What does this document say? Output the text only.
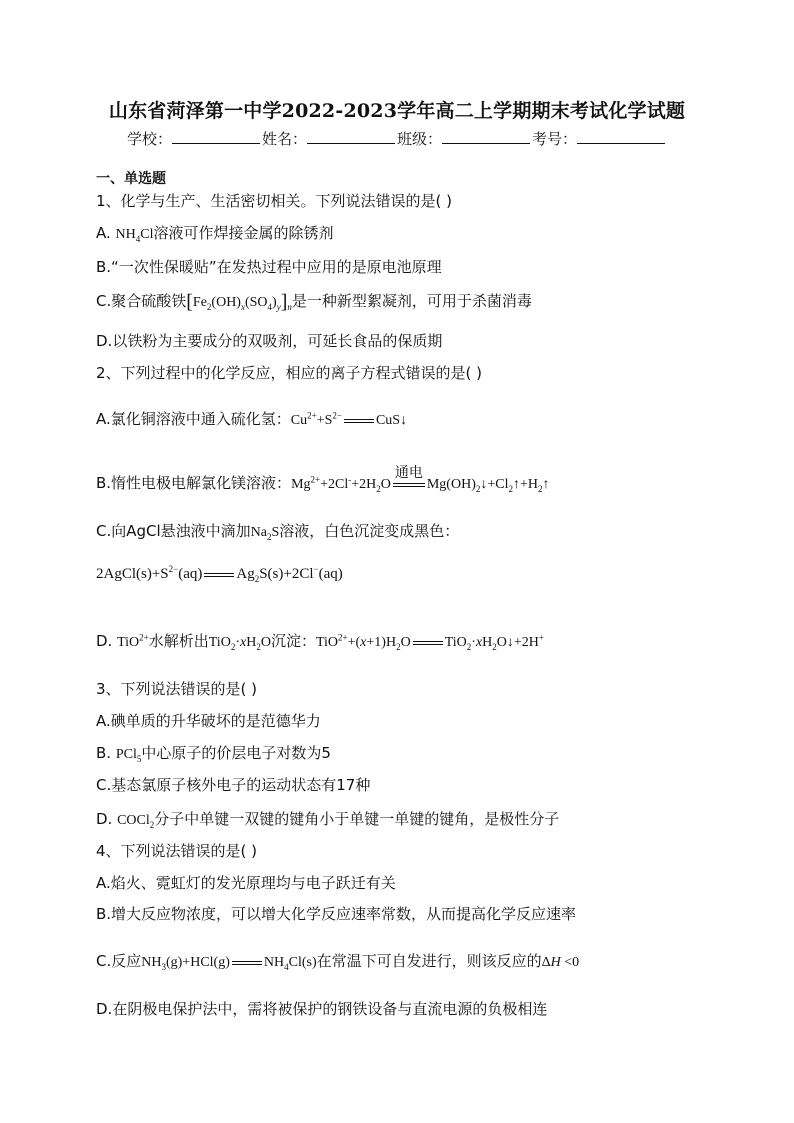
山东省菏泽第一中学2022-2023学年高二上学期期末考试化学试题
学校：	姓名：	班级：	考号：
一、单选题
1、化学与生产、生活密切相关。下列说法错误的是( )
A. $NH_4Cl$溶液可作焊接金属的除锈剂
B.“一次性保暖贴”在发热过程中应用的是原电池原理
C.聚合硫酸铁$[Fe_2(OH)_x(SO_4)_y]_n$是一种新型絮凝剂，可用于杀菌消毒
D.以铁粉为主要成分的双吸剂，可延长食品的保质期
2、下列过程中的化学反应，相应的离子方程式错误的是( )
A.氯化铜溶液中通入硫化氢：$Cu^{2+}+S^{2-}$ CuS↓
B.惰性电极电解氯化镁溶液：$Mg^{2+}+2Cl^-+2H_2O$
通电
$Mg(OH)_2↓+Cl_2↑+H_2↑$
C.向AgCl悬浊液中滴加$Na_2S$溶液，白色沉淀变成黑色：
$2AgCl(s)+S^{2-}(aq)$ $Ag_2S(s)+2Cl^-(aq)$
D. TiO$^{2+}$水解析出$TiO_2\cdot xH_2O$沉淀：$TiO^{2+}+(x+1)H_2O$ $TiO_2\cdot xH_2O↓+2H^+$
3、下列说法错误的是( )
A.碘单质的升华破坏的是范德华力
B. PCl$_5$中心原子的价层电子对数为5
C.基态氯原子核外电子的运动状态有17种
D. COCl$_2$分子中单键一双键的键角小于单键一单键的键角，是极性分子
4、下列说法错误的是( )
A.焰火、霓虹灯的发光原理均与电子跃迁有关
B.增大反应物浓度，可以增大化学反应速率常数，从而提高化学反应速率
C.反应$NH_3(g)+HCl(g)$ $NH_4Cl(s)$在常温下可自发进行，则该反应的ΔH <0
D.在阴极电保护法中，需将被保护的钢铁设备与直流电源的负极相连
